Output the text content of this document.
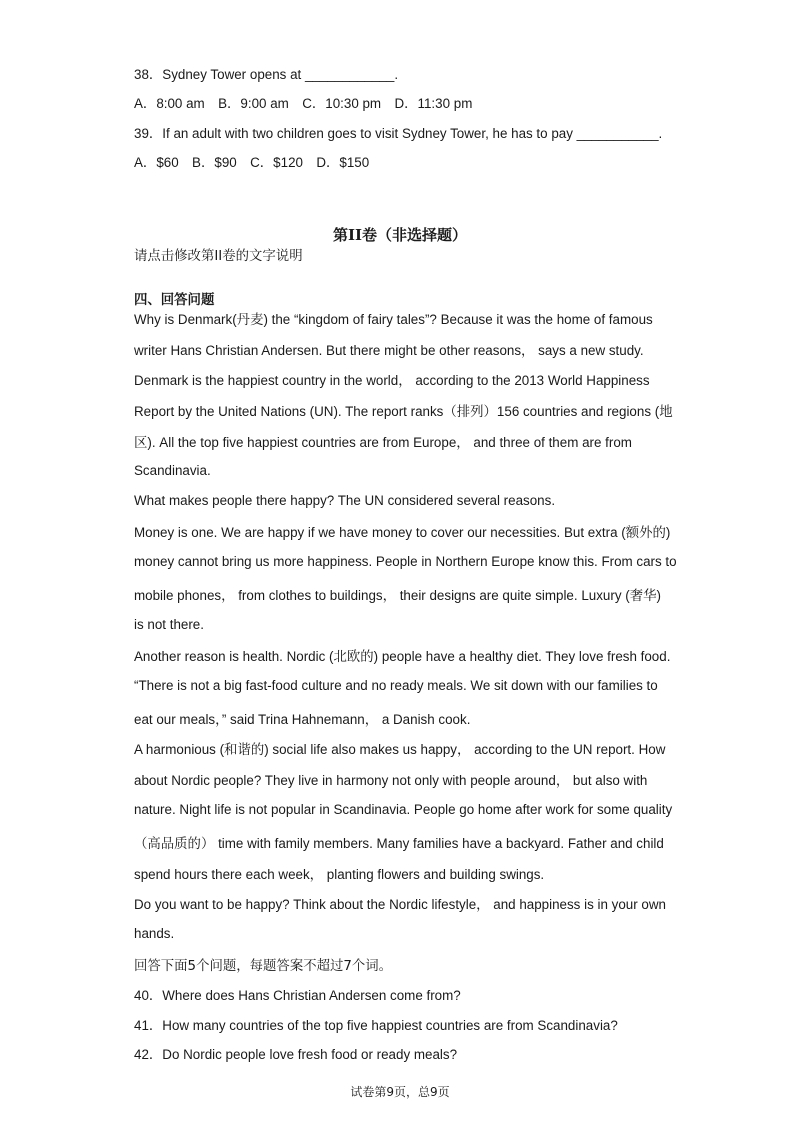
38．Sydney Tower opens at ____________.
A．8:00 am　B．9:00 am　C．10:30 pm　D．11:30 pm
39．If an adult with two children goes to visit Sydney Tower, he has to pay ___________.
A．$60　B．$90　C．$120　D．$150
第II卷（非选择题）
请点击修改第II卷的文字说明
四、回答问题
Why is Denmark(丹麦) the “kingdom of fairy tales”? Because it was the home of famous
writer Hans Christian Andersen. But there might be other reasons， says a new study.
Denmark is the happiest country in the world， according to the 2013 World Happiness
Report by the United Nations (UN). The report ranks（排列）156 countries and regions (地
区). All the top five happiest countries are from Europe， and three of them are from
Scandinavia.
What makes people there happy? The UN considered several reasons.
Money is one. We are happy if we have money to cover our necessities. But extra (额外的)
money cannot bring us more happiness. People in Northern Europe know this. From cars to
mobile phones， from clothes to buildings， their designs are quite simple. Luxury (奢华)
is not there.
Another reason is health. Nordic (北欧的) people have a healthy diet. They love fresh food.
“There is not a big fast-food culture and no ready meals. We sit down with our families to
eat our meals，” said Trina Hahnemann， a Danish cook.
A harmonious (和谐的) social life also makes us happy， according to the UN report. How
about Nordic people? They live in harmony not only with people around， but also with
nature. Night life is not popular in Scandinavia. People go home after work for some quality
（高品质的） time with family members. Many families have a backyard. Father and child
spend hours there each week， planting flowers and building swings.
Do you want to be happy? Think about the Nordic lifestyle， and happiness is in your own
hands.
回答下面5个问题，每题答案不超过7个词。
40．Where does Hans Christian Andersen come from?
41．How many countries of the top five happiest countries are from Scandinavia?
42．Do Nordic people love fresh food or ready meals?
试卷第9页，总9页
